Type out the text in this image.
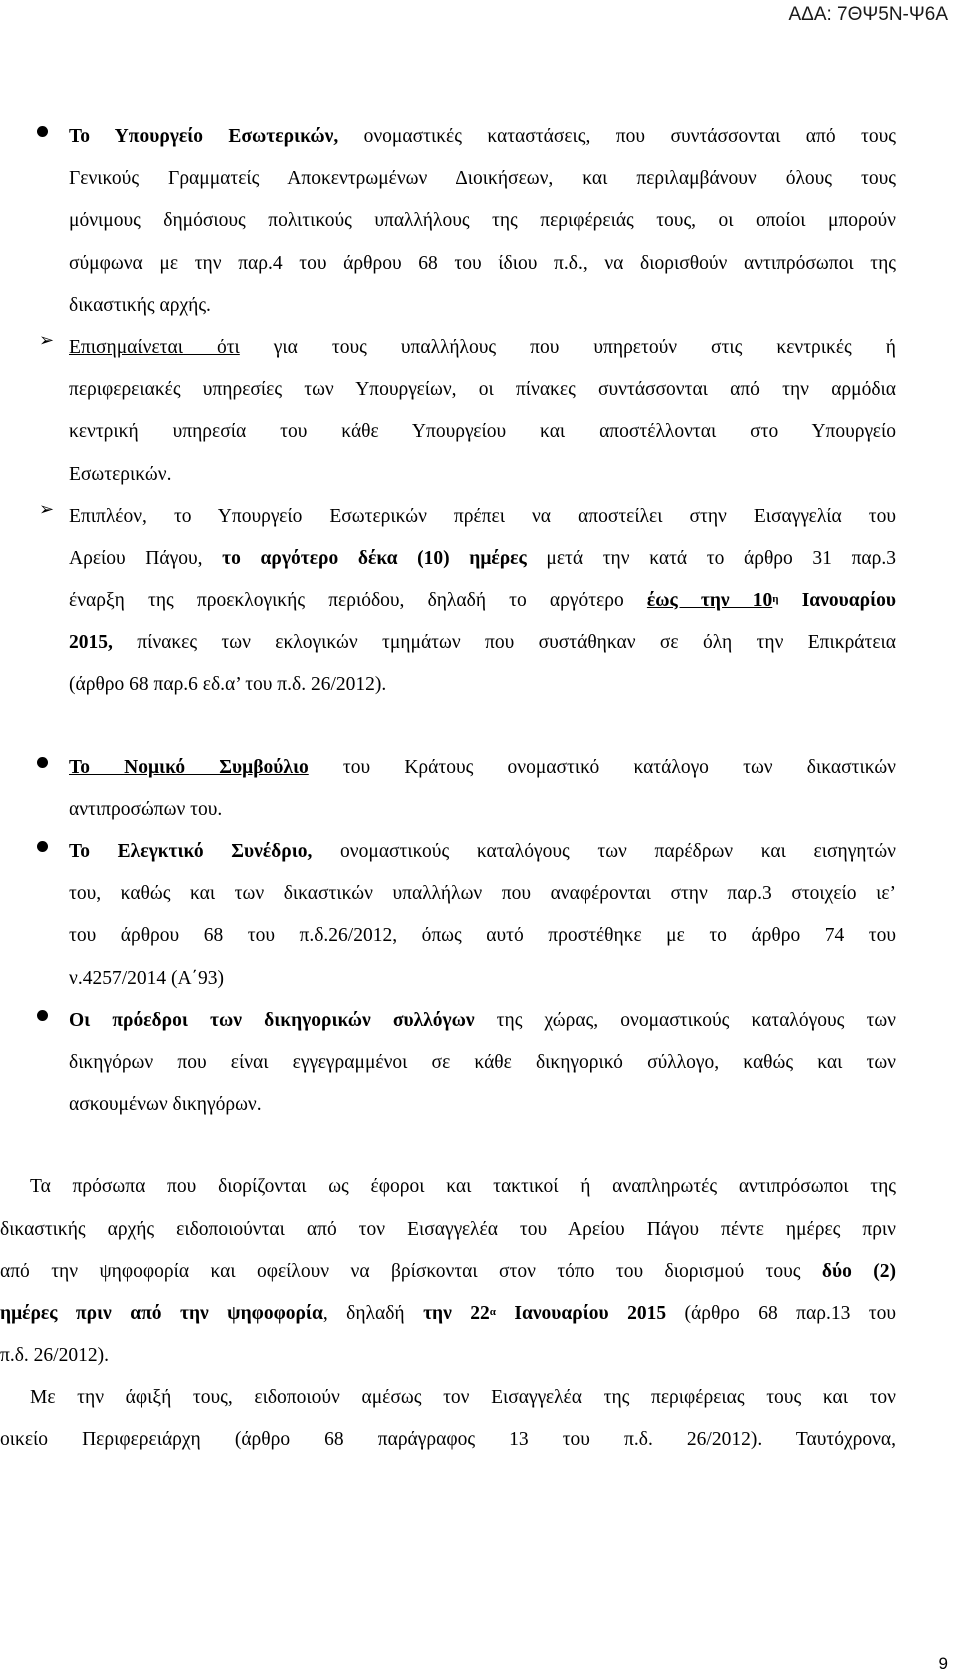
ΑΔΑ: 7ΘΨ5Ν-Ψ6Α
Το Υπουργείο Εσωτερικών, ονομαστικές καταστάσεις, που συντάσσονται από τους
Γενικούς Γραμματείς Αποκεντρωμένων Διοικήσεων, και περιλαμβάνουν όλους τους
μόνιμους δημόσιους πολιτικούς υπαλλήλους της περιφέρειάς τους, οι οποίοι μπορούν
σύμφωνα με την παρ.4 του άρθρου 68 του ίδιου π.δ., να διορισθούν αντιπρόσωποι της
δικαστικής αρχής.
➢ Επισημαίνεται ότι για τους υπαλλήλους που υπηρετούν στις κεντρικές ή
περιφερειακές υπηρεσίες των Υπουργείων, οι πίνακες συντάσσονται από την αρμόδια
κεντρική υπηρεσία του κάθε Υπουργείου και αποστέλλονται στο Υπουργείο
Εσωτερικών.
➢ Επιπλέον, το Υπουργείο Εσωτερικών πρέπει να αποστείλει στην Εισαγγελία του
Αρείου Πάγου, το αργότερο δέκα (10) ημέρες μετά την κατά το άρθρο 31 παρ.3
έναρξη της προεκλογικής περιόδου, δηλαδή το αργότερο έως την $10^\eta$ Ιανουαρίου
2015, πίνακες των εκλογικών τμημάτων που συστάθηκαν σε όλη την Επικράτεια
(άρθρο 68 παρ.6 εδ.α’ του π.δ. 26/2012).
Το Νομικό Συμβούλιο του Κράτους ονομαστικό κατάλογο των δικαστικών
αντιπροσώπων του.
Το Ελεγκτικό Συνέδριο, ονομαστικούς καταλόγους των παρέδρων και εισηγητών
του, καθώς και των δικαστικών υπαλλήλων που αναφέρονται στην παρ.3 στοιχείο ιε’
του άρθρου 68 του π.δ.26/2012, όπως αυτό προστέθηκε με το άρθρο 74 του
ν.4257/2014 (Α΄93)
Οι πρόεδροι των δικηγορικών συλλόγων της χώρας, ονομαστικούς καταλόγους των
δικηγόρων που είναι εγγεγραμμένοι σε κάθε δικηγορικό σύλλογο, καθώς και των
ασκουμένων δικηγόρων.
Τα πρόσωπα που διορίζονται ως έφοροι και τακτικοί ή αναπληρωτές αντιπρόσωποι της
δικαστικής αρχής ειδοποιούνται από τον Εισαγγελέα του Αρείου Πάγου πέντε ημέρες πριν
από την ψηφοφορία και οφείλουν να βρίσκονται στον τόπο του διορισμού τους δύο (2)
ημέρες πριν από την ψηφοφορία, δηλαδή την $22^\alpha$ Ιανουαρίου 2015 (άρθρο 68 παρ.13 του
π.δ. 26/2012).
Με την άφιξή τους, ειδοποιούν αμέσως τον Εισαγγελέα της περιφέρειας τους και τον
οικείο Περιφερειάρχη (άρθρο 68 παράγραφος 13 του π.δ. 26/2012). Ταυτόχρονα,
9
